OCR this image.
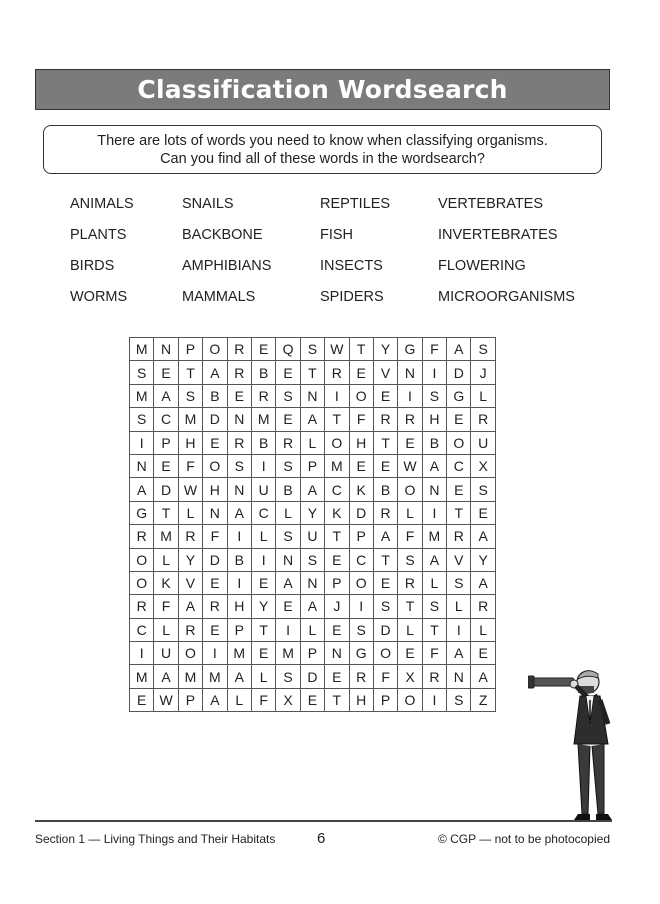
Classification Wordsearch
There are lots of words you need to know when classifying organisms.
Can you find all of these words in the wordsearch?
ANIMALS
PLANTS
BIRDS
WORMS
SNAILS
BACKBONE
AMPHIBIANS
MAMMALS
REPTILES
FISH
INSECTS
SPIDERS
VERTEBRATES
INVERTEBRATES
FLOWERING
MICROORGANISMS
M	N	P	O	R	E	Q	S	W	T	Y	G	F	A	S
S	E	T	A	R	B	E	T	R	E	V	N	I	D	J
M	A	S	B	E	R	S	N	I	O	E	I	S	G	L
S	C	M	D	N	M	E	A	T	F	R	R	H	E	R
I	P	H	E	R	B	R	L	O	H	T	E	B	O	U
N	E	F	O	S	I	S	P	M	E	E	W	A	C	X
A	D	W	H	N	U	B	A	C	K	B	O	N	E	S
G	T	L	N	A	C	L	Y	K	D	R	L	I	T	E
R	M	R	F	I	L	S	U	T	P	A	F	M	R	A
O	L	Y	D	B	I	N	S	E	C	T	S	A	V	Y
O	K	V	E	I	E	A	N	P	O	E	R	L	S	A
R	F	A	R	H	Y	E	A	J	I	S	T	S	L	R
C	L	R	E	P	T	I	L	E	S	D	L	T	I	L
I	U	O	I	M	E	M	P	N	G	O	E	F	A	E
M	A	M	M	A	L	S	D	E	R	F	X	R	N	A
E	W	P	A	L	F	X	E	T	H	P	O	I	S	Z
Section 1 — Living Things and Their Habitats	6	© CGP — not to be photocopied
